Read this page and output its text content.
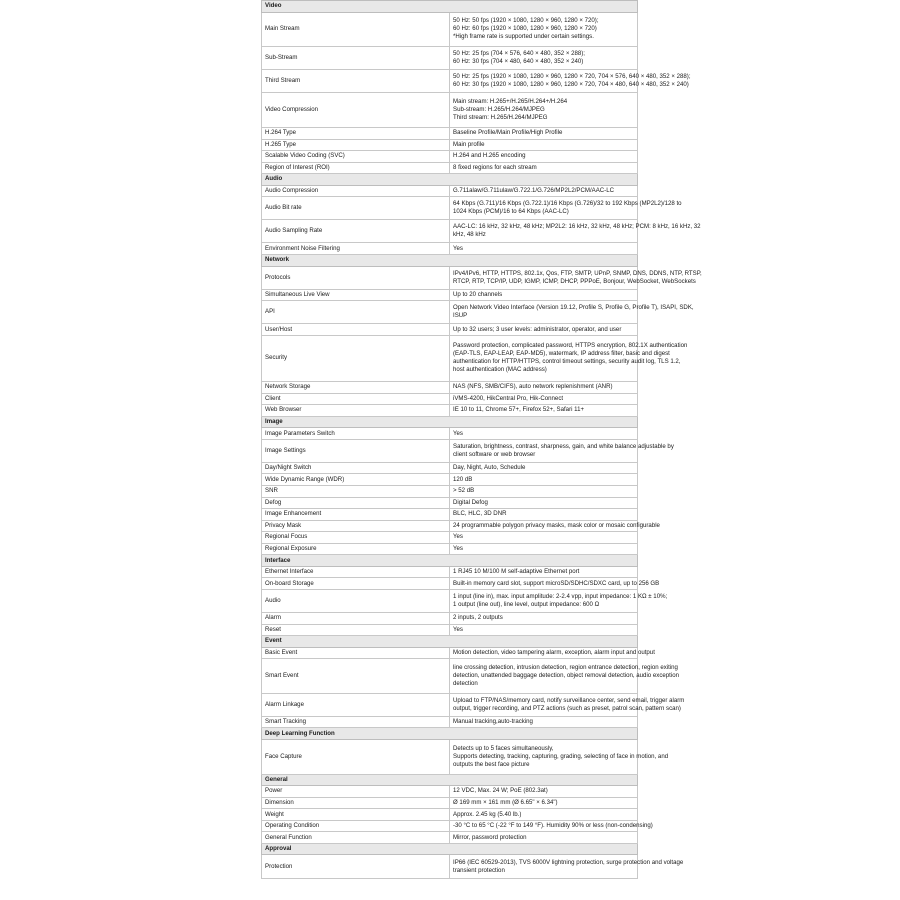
Video	
Main Stream	50 Hz: 50 fps (1920 × 1080, 1280 × 960, 1280 × 720);
60 Hz: 60 fps (1920 × 1080, 1280 × 960, 1280 × 720)
*High frame rate is supported under certain settings.

Sub-Stream	50 Hz: 25 fps (704 × 576, 640 × 480, 352 × 288);
60 Hz: 30 fps (704 × 480, 640 × 480, 352 × 240)

Third Stream	50 Hz: 25 fps (1920 × 1080, 1280 × 960, 1280 × 720, 704 × 576, 640 × 480, 352 × 288);
60 Hz: 30 fps (1920 × 1080, 1280 × 960, 1280 × 720, 704 × 480, 640 × 480, 352 × 240)

Video Compression	Main stream: H.265+/H.265/H.264+/H.264
Sub-stream: H.265/H.264/MJPEG
Third stream: H.265/H.264/MJPEG

H.264 Type	Baseline Profile/Main Profile/High Profile

H.265 Type	Main profile

Scalable Video Coding (SVC)	H.264 and H.265 encoding

Region of Interest (ROI)	8 fixed regions for each stream

Audio	
Audio Compression	G.711alaw/G.711ulaw/G.722.1/G.726/MP2L2/PCM/AAC-LC

Audio Bit rate	64 Kbps (G.711)/16 Kbps (G.722.1)/16 Kbps (G.726)/32 to 192 Kbps (MP2L2)/128 to
1024 Kbps (PCM)/16 to 64 Kbps (AAC-LC)

Audio Sampling Rate	AAC-LC: 16 kHz, 32 kHz, 48 kHz; MP2L2: 16 kHz, 32 kHz, 48 kHz; PCM: 8 kHz, 16 kHz, 32
kHz, 48 kHz

Environment Noise Filtering	Yes

Network	
Protocols	IPv4/IPv6, HTTP, HTTPS, 802.1x, Qos, FTP, SMTP, UPnP, SNMP, DNS, DDNS, NTP, RTSP,
RTCP, RTP, TCP/IP, UDP, IGMP, ICMP, DHCP, PPPoE, Bonjour, WebSocket, WebSockets

Simultaneous Live View	Up to 20 channels

API	Open Network Video Interface (Version 19.12, Profile S, Profile G, Profile T), ISAPI, SDK,
ISUP

User/Host	Up to 32 users; 3 user levels: administrator, operator, and user

Security	Password protection, complicated password, HTTPS encryption, 802.1X authentication
(EAP-TLS, EAP-LEAP, EAP-MD5), watermark, IP address filter, basic and digest
authentication for HTTP/HTTPS, control timeout settings, security audit log, TLS 1.2,
host authentication (MAC address)

Network Storage	NAS (NFS, SMB/CIFS), auto network replenishment (ANR)

Client	iVMS-4200, HikCentral Pro, Hik-Connect

Web Browser	IE 10 to 11, Chrome 57+, Firefox 52+, Safari 11+

Image	
Image Parameters Switch	Yes

Image Settings	Saturation, brightness, contrast, sharpness, gain, and white balance adjustable by
client software or web browser

Day/Night Switch	Day, Night, Auto, Schedule

Wide Dynamic Range (WDR)	120 dB

SNR	> 52 dB

Defog	Digital Defog

Image Enhancement	BLC, HLC, 3D DNR

Privacy Mask	24 programmable polygon privacy masks, mask color or mosaic configurable

Regional Focus	Yes

Regional Exposure	Yes

Interface	
Ethernet Interface	1 RJ45 10 M/100 M self-adaptive Ethernet port

On-board Storage	Built-in memory card slot, support microSD/SDHC/SDXC card, up to 256 GB

Audio	1 input (line in), max. input amplitude: 2-2.4 vpp, input impedance: 1 KΩ ± 10%;
1 output (line out), line level, output impedance: 600 Ω

Alarm	2 inputs, 2 outputs

Reset	Yes

Event	
Basic Event	Motion detection, video tampering alarm, exception, alarm input and output

Smart Event	line crossing detection, intrusion detection, region entrance detection, region exiting
detection, unattended baggage detection, object removal detection, audio exception
detection

Alarm Linkage	Upload to FTP/NAS/memory card, notify surveillance center, send email, trigger alarm
output, trigger recording, and PTZ actions (such as preset, patrol scan, pattern scan)

Smart Tracking	Manual tracking,auto-tracking

Deep Learning Function	
Face Capture	Detects up to 5 faces simultaneously,
Supports detecting, tracking, capturing, grading, selecting of face in motion, and
outputs the best face picture

General	
Power	12 VDC, Max. 24 W; PoE (802.3at)

Dimension	Ø 169 mm × 161 mm (Ø 6.65" × 6.34")

Weight	Approx. 2.45 kg (5.40 lb.)

Operating Condition	-30 °C to 65 °C (-22 °F to 149 °F). Humidity 90% or less (non-condensing)

General Function	Mirror, password protection

Approval	
Protection	IP66 (IEC 60529-2013), TVS 6000V lightning protection, surge protection and voltage
transient protection
